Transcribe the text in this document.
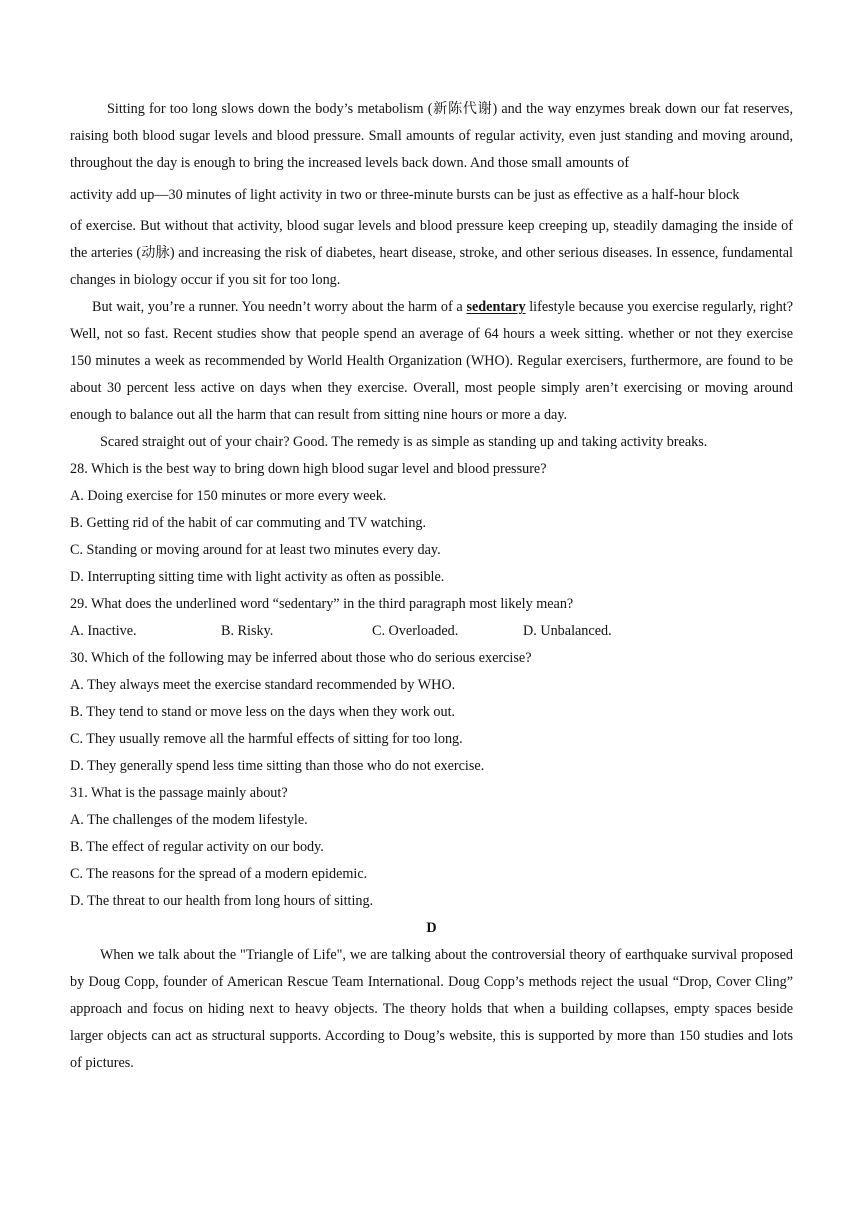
Sitting for too long slows down the body’s metabolism (新陈代谢) and the way enzymes break down our fat reserves, raising both blood sugar levels and blood pressure. Small amounts of regular activity, even just standing and moving around, throughout the day is enough to bring the increased levels back down. And those small amounts of

activity add up—30 minutes of light activity in two or three-minute bursts can be just as effective as a half-hour block

of exercise. But without that activity, blood sugar levels and blood pressure keep creeping up, steadily damaging the inside of the arteries (动脉) and increasing the risk of diabetes, heart disease, stroke, and other serious diseases. In essence, fundamental changes in biology occur if you sit for too long.

But wait, you’re a runner. You needn’t worry about the harm of a sedentary lifestyle because you exercise regularly, right? Well, not so fast. Recent studies show that people spend an average of 64 hours a week sitting. whether or not they exercise 150 minutes a week as recommended by World Health Organization (WHO). Regular exercisers, furthermore, are found to be about 30 percent less active on days when they exercise. Overall, most people simply aren’t exercising or moving around enough to balance out all the harm that can result from sitting nine hours or more a day.

Scared straight out of your chair? Good. The remedy is as simple as standing up and taking activity breaks.

28. Which is the best way to bring down high blood sugar level and blood pressure?
A. Doing exercise for 150 minutes or more every week.
B. Getting rid of the habit of car commuting and TV watching.
C. Standing or moving around for at least two minutes every day.
D. Interrupting sitting time with light activity as often as possible.
29. What does the underlined word “sedentary” in the third paragraph most likely mean?
A. Inactive.	B. Risky.	C. Overloaded.	D. Unbalanced.
30. Which of the following may be inferred about those who do serious exercise?
A. They always meet the exercise standard recommended by WHO.
B. They tend to stand or move less on the days when they work out.
C. They usually remove all the harmful effects of sitting for too long.
D. They generally spend less time sitting than those who do not exercise.
31. What is the passage mainly about?
A. The challenges of the modem lifestyle.
B. The effect of regular activity on our body.
C. The reasons for the spread of a modern epidemic.
D. The threat to our health from long hours of sitting.
D

When we talk about the "Triangle of Life", we are talking about the controversial theory of earthquake survival proposed by Doug Copp, founder of American Rescue Team International. Doug Copp’s methods reject the usual “Drop, Cover Cling” approach and focus on hiding next to heavy objects. The theory holds that when a building collapses, empty spaces beside larger objects can act as structural supports. According to Doug’s website, this is supported by more than 150 studies and lots of pictures.
